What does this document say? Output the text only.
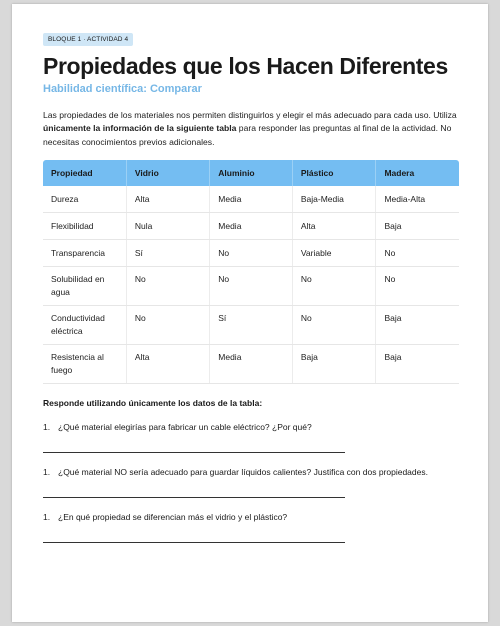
BLOQUE 1 · ACTIVIDAD 4
Propiedades que los Hacen Diferentes
Habilidad científica: Comparar
Las propiedades de los materiales nos permiten distinguirlos y elegir el más adecuado para cada uso. Utiliza únicamente la información de la siguiente tabla para responder las preguntas al final de la actividad. No necesitas conocimientos previos adicionales.
Propiedad	Vidrio	Aluminio	Plástico	Madera
Dureza	Alta	Media	Baja-Media	Media-Alta
Flexibilidad	Nula	Media	Alta	Baja
Transparencia	Sí	No	Variable	No
Solubilidad en agua	No	No	No	No
Conductividad eléctrica	No	Sí	No	Baja
Resistencia al fuego	Alta	Media	Baja	Baja
Responde utilizando únicamente los datos de la tabla:
1. ¿Qué material elegirías para fabricar un cable eléctrico? ¿Por qué?
1. ¿Qué material NO sería adecuado para guardar líquidos calientes? Justifica con dos propiedades.
1. ¿En qué propiedad se diferencian más el vidrio y el plástico?
